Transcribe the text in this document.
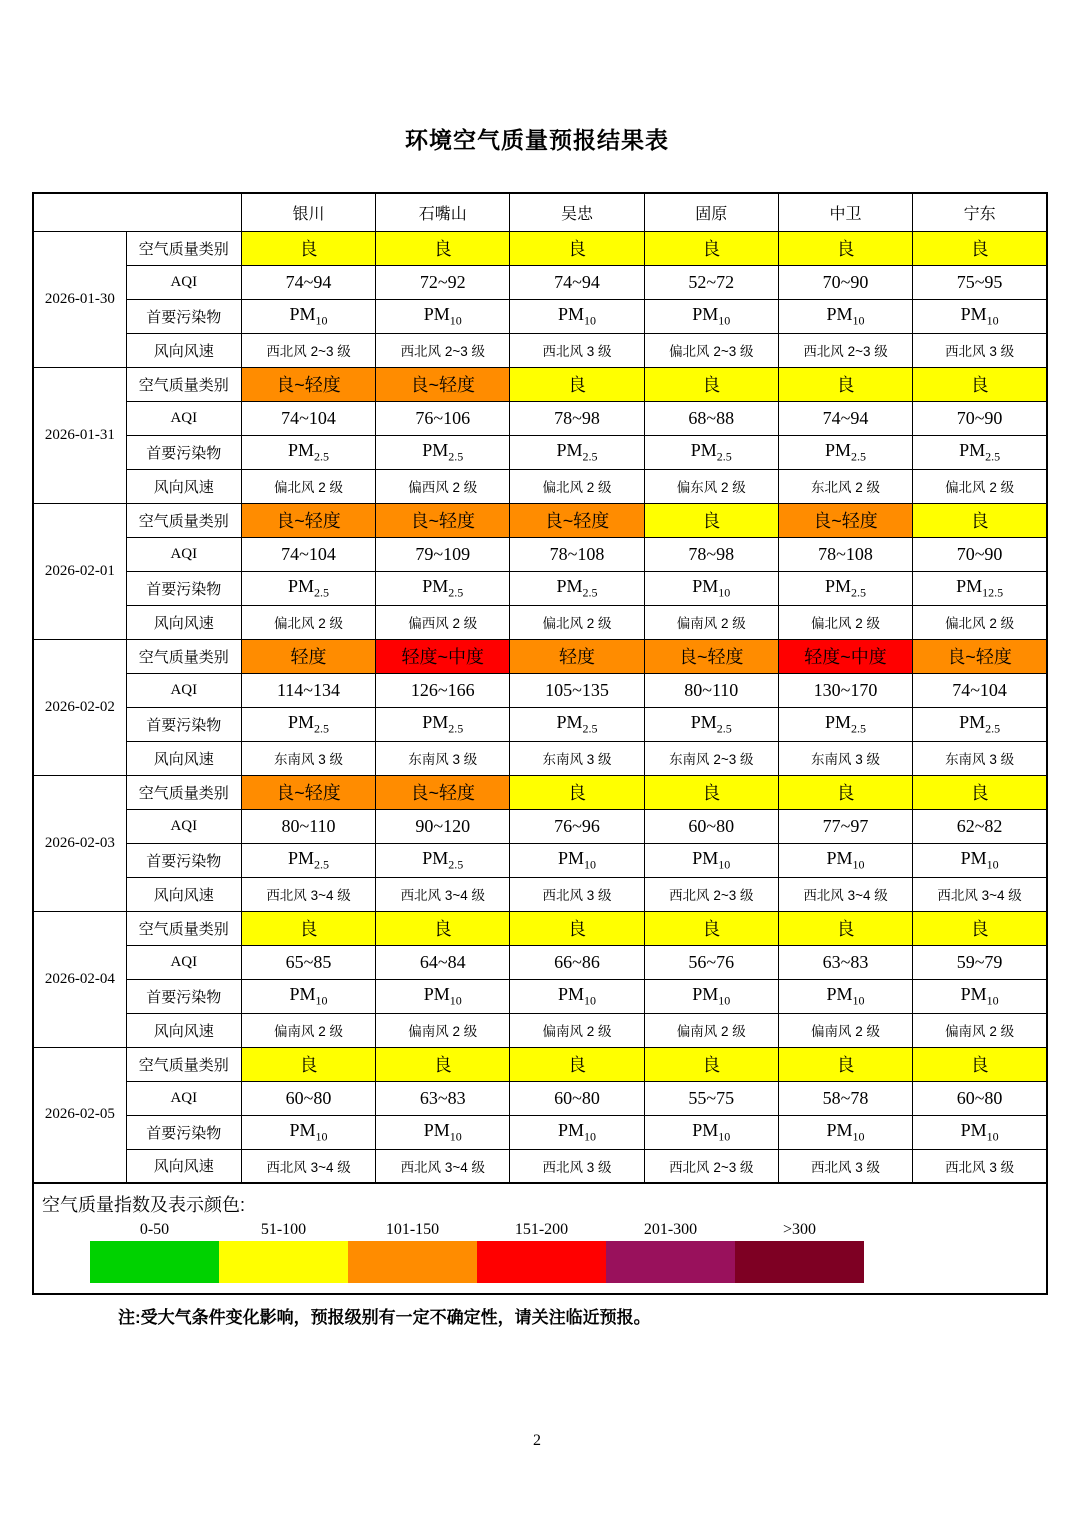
环境空气质量预报结果表
		银川	石嘴山	吴忠	固原	中卫	宁东
2026-01-30	空气质量类别	良	良	良	良	良	良
	AQI	74~94	72~92	74~94	52~72	70~90	75~95
	首要污染物	$PM_{10}$	$PM_{10}$	$PM_{10}$	$PM_{10}$	$PM_{10}$	$PM_{10}$
	风向风速	西北风 2~3 级	西北风 2~3 级	西北风 3 级	偏北风 2~3 级	西北风 2~3 级	西北风 3 级
2026-01-31	空气质量类别	良~轻度	良~轻度	良	良	良	良
	AQI	74~104	76~106	78~98	68~88	74~94	70~90
	首要污染物	$PM_{2.5}$	$PM_{2.5}$	$PM_{2.5}$	$PM_{2.5}$	$PM_{2.5}$	$PM_{2.5}$
	风向风速	偏北风 2 级	偏西风 2 级	偏北风 2 级	偏东风 2 级	东北风 2 级	偏北风 2 级
2026-02-01	空气质量类别	良~轻度	良~轻度	良~轻度	良	良~轻度	良
	AQI	74~104	79~109	78~108	78~98	78~108	70~90
	首要污染物	$PM_{2.5}$	$PM_{2.5}$	$PM_{2.5}$	$PM_{10}$	$PM_{2.5}$	$PM_{12.5}$
	风向风速	偏北风 2 级	偏西风 2 级	偏北风 2 级	偏南风 2 级	偏北风 2 级	偏北风 2 级
2026-02-02	空气质量类别	轻度	轻度~中度	轻度	良~轻度	轻度~中度	良~轻度
	AQI	114~134	126~166	105~135	80~110	130~170	74~104
	首要污染物	$PM_{2.5}$	$PM_{2.5}$	$PM_{2.5}$	$PM_{2.5}$	$PM_{2.5}$	$PM_{2.5}$
	风向风速	东南风 3 级	东南风 3 级	东南风 3 级	东南风 2~3 级	东南风 3 级	东南风 3 级
2026-02-03	空气质量类别	良~轻度	良~轻度	良	良	良	良
	AQI	80~110	90~120	76~96	60~80	77~97	62~82
	首要污染物	$PM_{2.5}$	$PM_{2.5}$	$PM_{10}$	$PM_{10}$	$PM_{10}$	$PM_{10}$
	风向风速	西北风 3~4 级	西北风 3~4 级	西北风 3 级	西北风 2~3 级	西北风 3~4 级	西北风 3~4 级
2026-02-04	空气质量类别	良	良	良	良	良	良
	AQI	65~85	64~84	66~86	56~76	63~83	59~79
	首要污染物	$PM_{10}$	$PM_{10}$	$PM_{10}$	$PM_{10}$	$PM_{10}$	$PM_{10}$
	风向风速	偏南风 2 级	偏南风 2 级	偏南风 2 级	偏南风 2 级	偏南风 2 级	偏南风 2 级
2026-02-05	空气质量类别	良	良	良	良	良	良
	AQI	60~80	63~83	60~80	55~75	58~78	60~80
	首要污染物	$PM_{10}$	$PM_{10}$	$PM_{10}$	$PM_{10}$	$PM_{10}$	$PM_{10}$
	风向风速	西北风 3~4 级	西北风 3~4 级	西北风 3 级	西北风 2~3 级	西北风 3 级	西北风 3 级
空气质量指数及表示颜色:
0-50	51-100	101-150	151-200	201-300	>300
注:受大气条件变化影响，预报级别有一定不确定性，请关注临近预报。
2
